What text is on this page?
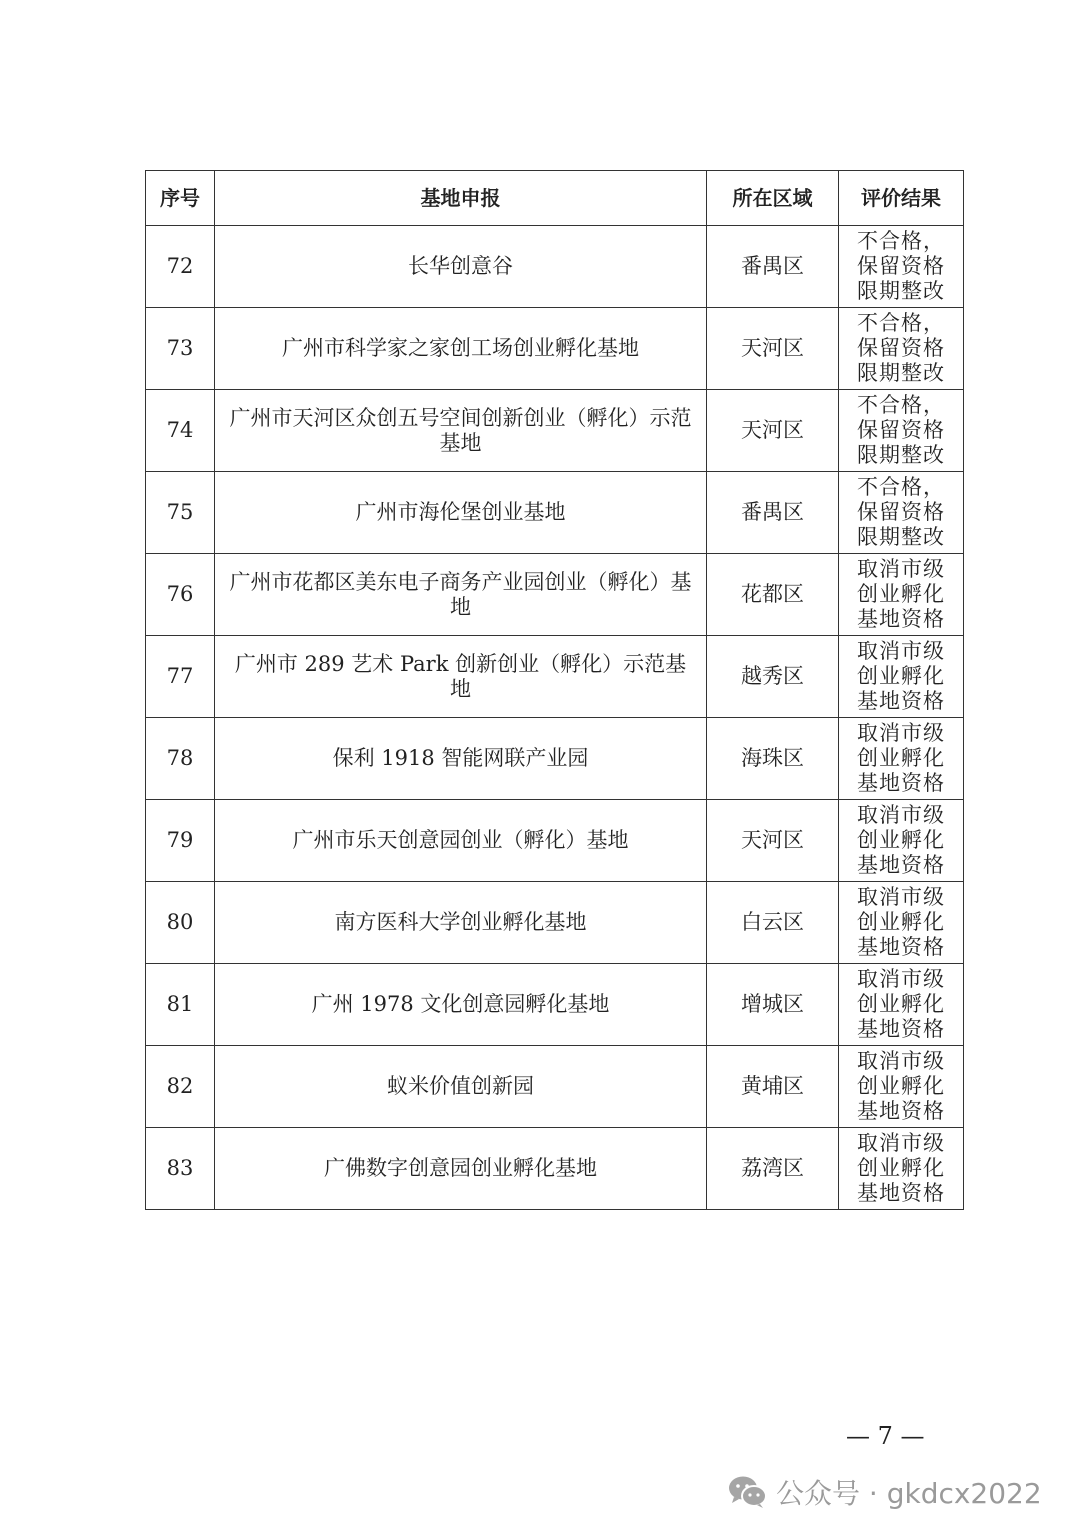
序号	基地申报	所在区域	评价结果
72	长华创意谷	番禺区	不合格，保留资格限期整改

73	广州市科学家之家创工场创业孵化基地	天河区	不合格，保留资格限期整改

74	广州市天河区众创五号空间创新创业（孵化）示范基地	天河区	不合格，保留资格限期整改

75	广州市海伦堡创业基地	番禺区	不合格，保留资格限期整改

76	广州市花都区美东电子商务产业园创业（孵化）基地	花都区	取消市级创业孵化基地资格

77	广州市 289 艺术 Park 创新创业（孵化）示范基地	越秀区	取消市级创业孵化基地资格

78	保利 1918 智能网联产业园	海珠区	取消市级创业孵化基地资格

79	广州市乐天创意园创业（孵化）基地	天河区	取消市级创业孵化基地资格

80	南方医科大学创业孵化基地	白云区	取消市级创业孵化基地资格

81	广州 1978 文化创意园孵化基地	增城区	取消市级创业孵化基地资格

82	蚁米价值创新园	黄埔区	取消市级创业孵化基地资格

83	广佛数字创意园创业孵化基地	荔湾区	取消市级创业孵化基地资格
— 7 —
公众号 · gkdcx2022
